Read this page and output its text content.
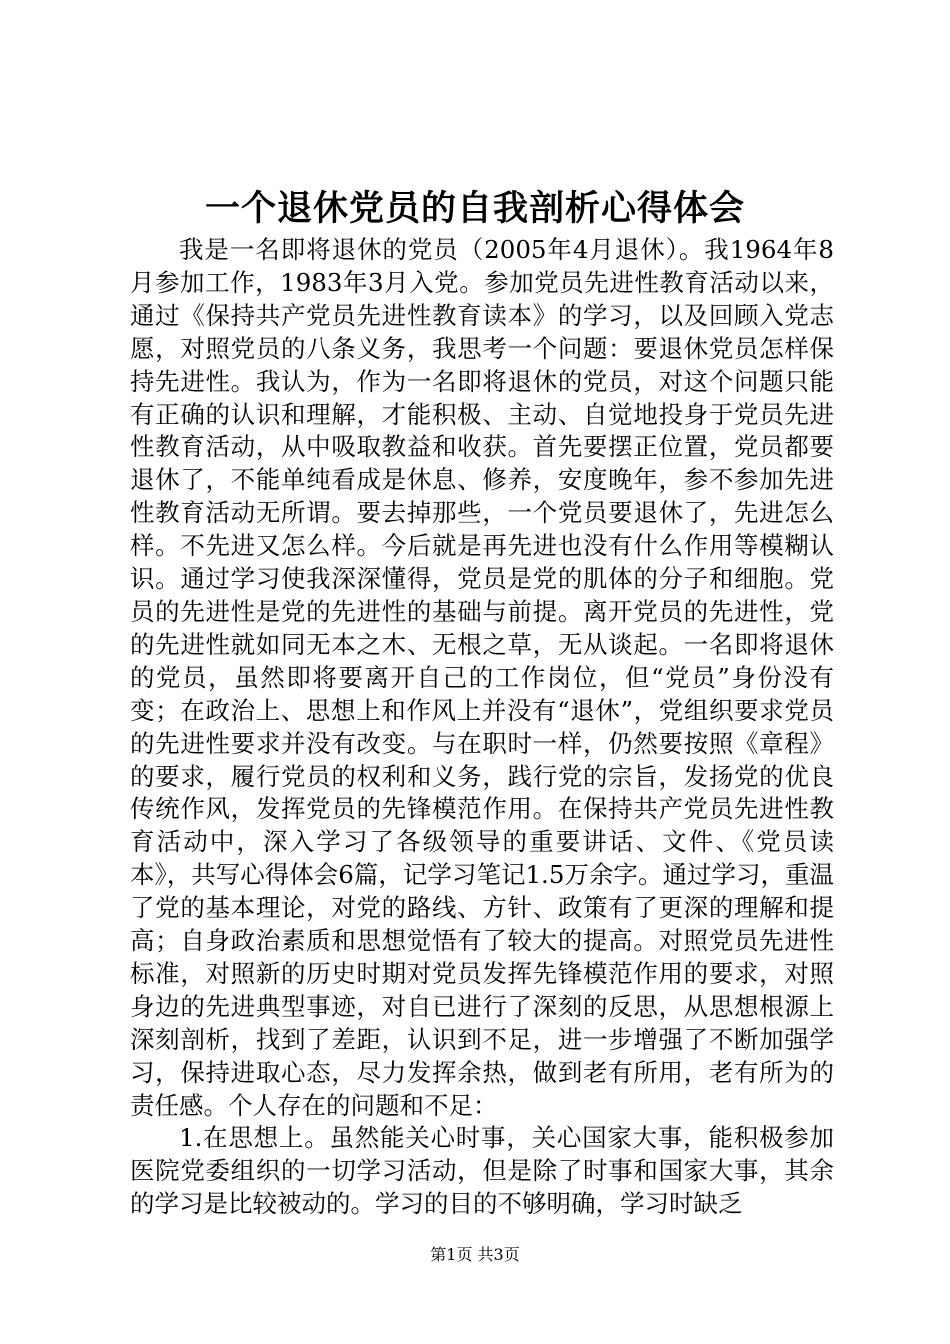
一个退休党员的自我剖析心得体会

我是一名即将退休的党员（2005年4月退休）。我1964年8月参加工作，1983年3月入党。参加党员先进性教育活动以来，通过《保持共产党员先进性教育读本》的学习，以及回顾入党志愿，对照党员的八条义务，我思考一个问题：要退休党员怎样保持先进性。我认为，作为一名即将退休的党员，对这个问题只能有正确的认识和理解，才能积极、主动、自觉地投身于党员先进性教育活动，从中吸取教益和收获。首先要摆正位置，党员都要退休了，不能单纯看成是休息、修养，安度晚年，参不参加先进性教育活动无所谓。要去掉那些，一个党员要退休了，先进怎么样。不先进又怎么样。今后就是再先进也没有什么作用等模糊认识。通过学习使我深深懂得，党员是党的肌体的分子和细胞。党员的先进性是党的先进性的基础与前提。离开党员的先进性，党的先进性就如同无本之木、无根之草，无从谈起。一名即将退休的党员，虽然即将要离开自己的工作岗位，但“党员”身份没有变；在政治上、思想上和作风上并没有“退休”，党组织要求党员的先进性要求并没有改变。与在职时一样，仍然要按照《章程》的要求，履行党员的权利和义务，践行党的宗旨，发扬党的优良传统作风，发挥党员的先锋模范作用。在保持共产党员先进性教育活动中，深入学习了各级领导的重要讲话、文件、《党员读本》，共写心得体会6篇，记学习笔记1.5万余字。通过学习，重温了党的基本理论，对党的路线、方针、政策有了更深的理解和提高；自身政治素质和思想觉悟有了较大的提高。对照党员先进性标准，对照新的历史时期对党员发挥先锋模范作用的要求，对照身边的先进典型事迹，对自已进行了深刻的反思，从思想根源上深刻剖析，找到了差距，认识到不足，进一步增强了不断加强学习，保持进取心态，尽力发挥余热，做到老有所用，老有所为的责任感。个人存在的问题和不足：

1.在思想上。虽然能关心时事，关心国家大事，能积极参加医院党委组织的一切学习活动，但是除了时事和国家大事，其余的学习是比较被动的。学习的目的不够明确，学习时缺乏

第1页 共3页
